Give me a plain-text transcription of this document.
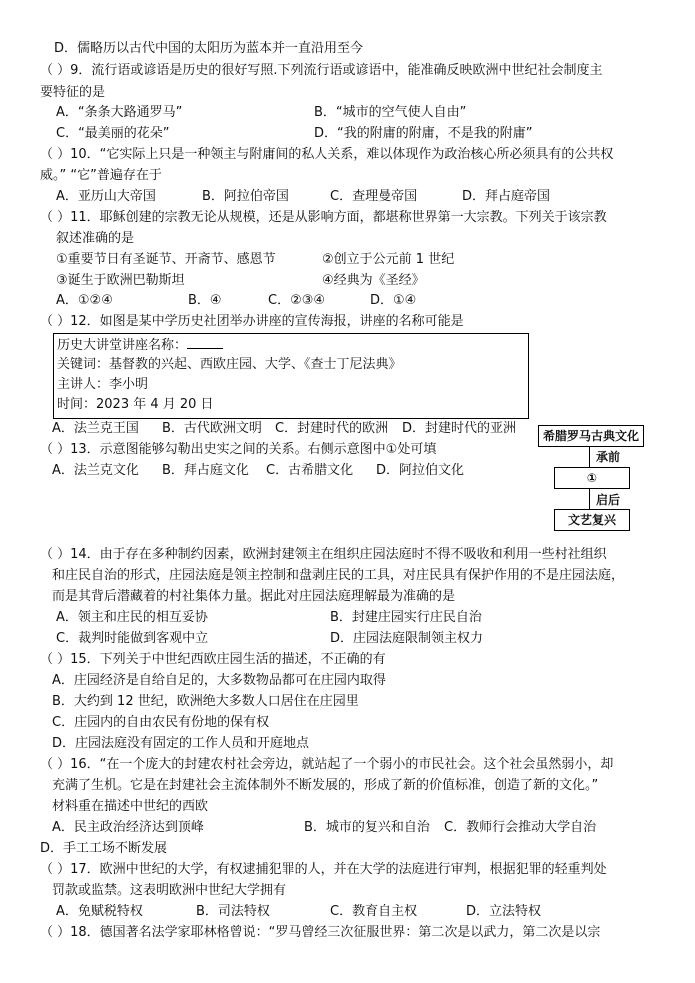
D．儒略历以古代中国的太阳历为蓝本并一直沿用至今
（ ）9．流行语或谚语是历史的很好写照.下列流行语或谚语中，能准确反映欧洲中世纪社会制度主
要特征的是
A．“条条大路通罗马”	B．“城市的空气使人自由”
C．“最美丽的花朵”	D．“我的附庸的附庸，不是我的附庸”
（ ）10．“它实际上只是一种领主与附庸间的私人关系，难以体现作为政治核心所必须具有的公共权
威。” “它”普遍存在于
A．亚历山大帝国	B．阿拉伯帝国	C．查理曼帝国	D．拜占庭帝国
（ ）11．耶稣创建的宗教无论从规模，还是从影响方面，都堪称世界第一大宗教。下列关于该宗教
叙述准确的是
①重要节日有圣诞节、开斋节、感恩节	②创立于公元前 1 世纪
③诞生于欧洲巴勒斯坦	④经典为《圣经》
A．①②④	B．④	C．②③④	D．①④
（ ）12．如图是某中学历史社团举办讲座的宣传海报，讲座的名称可能是
历史大讲堂讲座名称：
关键词：基督教的兴起、西欧庄园、大学、《查士丁尼法典》
主讲人：李小明
时间：2023 年 4 月 20 日
A．法兰克王国 B．古代欧洲文明 C．封建时代的欧洲 D．封建时代的亚洲
（ ）13．示意图能够勾勒出史实之间的关系。右侧示意图中①处可填
A．法兰克文化 B．拜占庭文化 C．古希腊文化 D．阿拉伯文化
希腊罗马古典文化
承前
①
启后
文艺复兴
（ ）14．由于存在多种制约因素，欧洲封建领主在组织庄园法庭时不得不吸收和利用一些村社组织
和庄民自治的形式，庄园法庭是领主控制和盘剥庄民的工具，对庄民具有保护作用的不是庄园法庭，
而是其背后潜藏着的村社集体力量。据此对庄园法庭理解最为准确的是
A．领主和庄民的相互妥协	B．封建庄园实行庄民自治
C．裁判时能做到客观中立	D．庄园法庭限制领主权力
（ ）15．下列关于中世纪西欧庄园生活的描述，不正确的有
A．庄园经济是自给自足的，大多数物品都可在庄园内取得
B．大约到 12 世纪，欧洲绝大多数人口居住在庄园里
C．庄园内的自由农民有份地的保有权
D．庄园法庭没有固定的工作人员和开庭地点
（ ）16．“在一个庞大的封建农村社会旁边，就站起了一个弱小的市民社会。这个社会虽然弱小，却
充满了生机。它是在封建社会主流体制外不断发展的，形成了新的价值标准，创造了新的文化。”
材料重在描述中世纪的西欧
A．民主政治经济达到顶峰	B．城市的复兴和自治 C．教师行会推动大学自治
D．手工工场不断发展
（ ）17．欧洲中世纪的大学，有权逮捕犯罪的人，并在大学的法庭进行审判，根据犯罪的轻重判处
罚款或监禁。这表明欧洲中世纪大学拥有
A．免赋税特权	B．司法特权	C．教育自主权	D．立法特权
（ ）18．德国著名法学家耶林格曾说：“罗马曾经三次征服世界：第二次是以武力，第二次是以宗
